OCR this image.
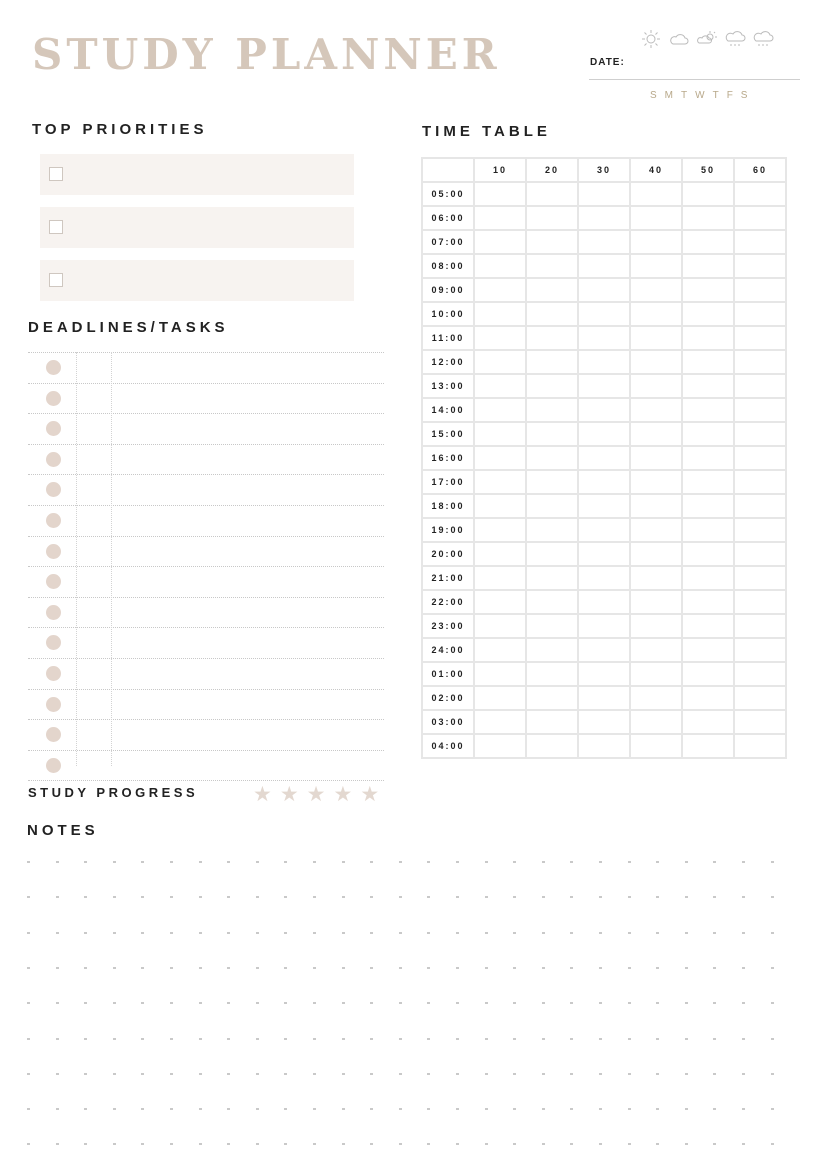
STUDY PLANNER	DATE:
S M T W T F S
TOP PRIORITIES
DEADLINES/TASKS
STUDY PROGRESS	★ ★ ★ ★ ★
TIME TABLE
	10	20	30	40	50	60
05:00						
06:00						
07:00						
08:00						
09:00						
10:00						
11:00						
12:00						
13:00						
14:00						
15:00						
16:00						
17:00						
18:00						
19:00						
20:00						
21:00						
22:00						
23:00						
24:00						
01:00						
02:00						
03:00						
04:00						
NOTES
